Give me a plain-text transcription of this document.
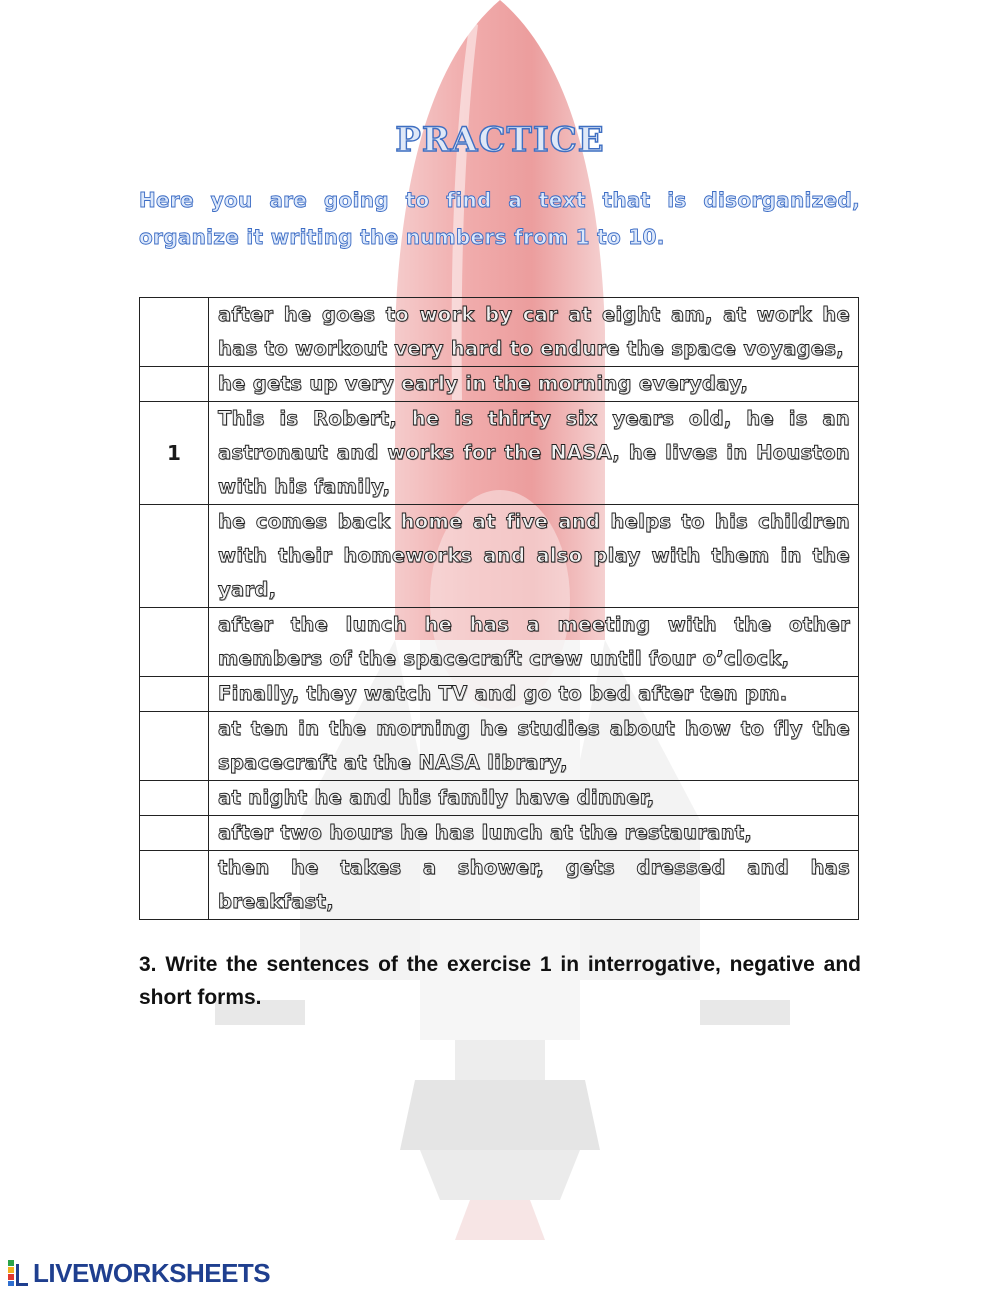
PRACTICE
Here you are going to find a text that is disorganized, organize it writing the numbers from 1 to 10.
	after he goes to work by car at eight am, at work he has to workout very hard to endure the space voyages,
	he gets up very early in the morning everyday,
1	This is Robert, he is thirty six years old, he is an astronaut and works for the NASA, he lives in Houston with his family,
	he comes back home at five and helps to his children with their homeworks and also play with them in the yard,
	after the lunch he has a meeting with the other members of the spacecraft crew until four o’clock,
	Finally, they watch TV and go to bed after ten pm.
	at ten in the morning he studies about how to fly the spacecraft at the NASA library,
	at night he and his family have dinner,
	after two hours he has lunch at the restaurant,
	then he takes a shower, gets dressed and has breakfast,
3. Write the sentences of the exercise 1 in interrogative, negative and short forms.
LIVEWORKSHEETS
